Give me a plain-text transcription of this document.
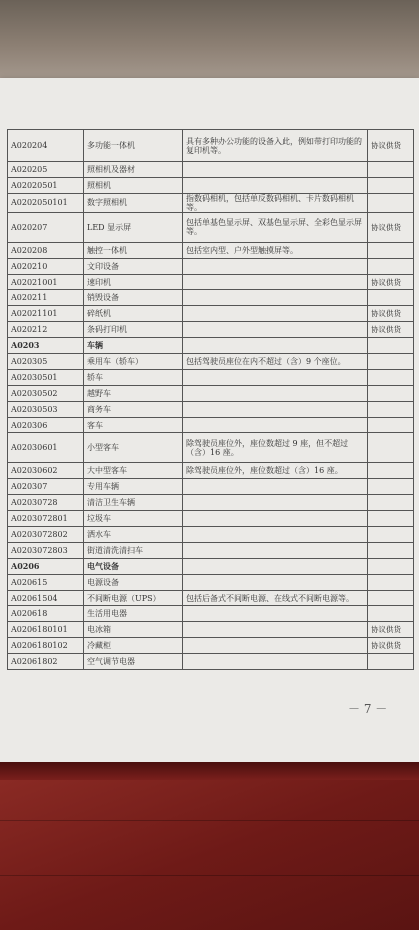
A020204	多功能一体机	具有多种办公功能的设备入此，例如带打印功能的复印机等。	协议供货
A020205	照相机及器材		
A02020501	照相机		
A0202050101	数字照相机	指数码相机，包括单反数码相机、卡片数码相机等。	
A020207	LED 显示屏	包括单基色显示屏、双基色显示屏、全彩色显示屏等。	协议供货
A020208	触控一体机	包括室内型、户外型触摸屏等。	
A020210	文印设备		
A02021001	速印机		协议供货
A020211	销毁设备		
A02021101	碎纸机		协议供货
A020212	条码打印机		协议供货
A0203	车辆		
A020305	乘用车（轿车）	包括驾驶员座位在内不超过（含）9 个座位。	
A02030501	轿车		
A02030502	越野车		
A02030503	商务车		
A020306	客车		
A02030601	小型客车	除驾驶员座位外，座位数超过 9 座，但不超过（含）16 座。	
A02030602	大中型客车	除驾驶员座位外，座位数超过（含）16 座。	
A020307	专用车辆		
A02030728	清洁卫生车辆		
A0203072801	垃圾车		
A0203072802	洒水车		
A0203072803	街道清洗清扫车		
A0206	电气设备		
A020615	电源设备		
A02061504	不间断电源（UPS）	包括后备式不间断电源、在线式不间断电源等。	
A020618	生活用电器		
A0206180101	电冰箱		协议供货
A0206180102	冷藏柜		协议供货
A02061802	空气调节电器		
－ 7 －
